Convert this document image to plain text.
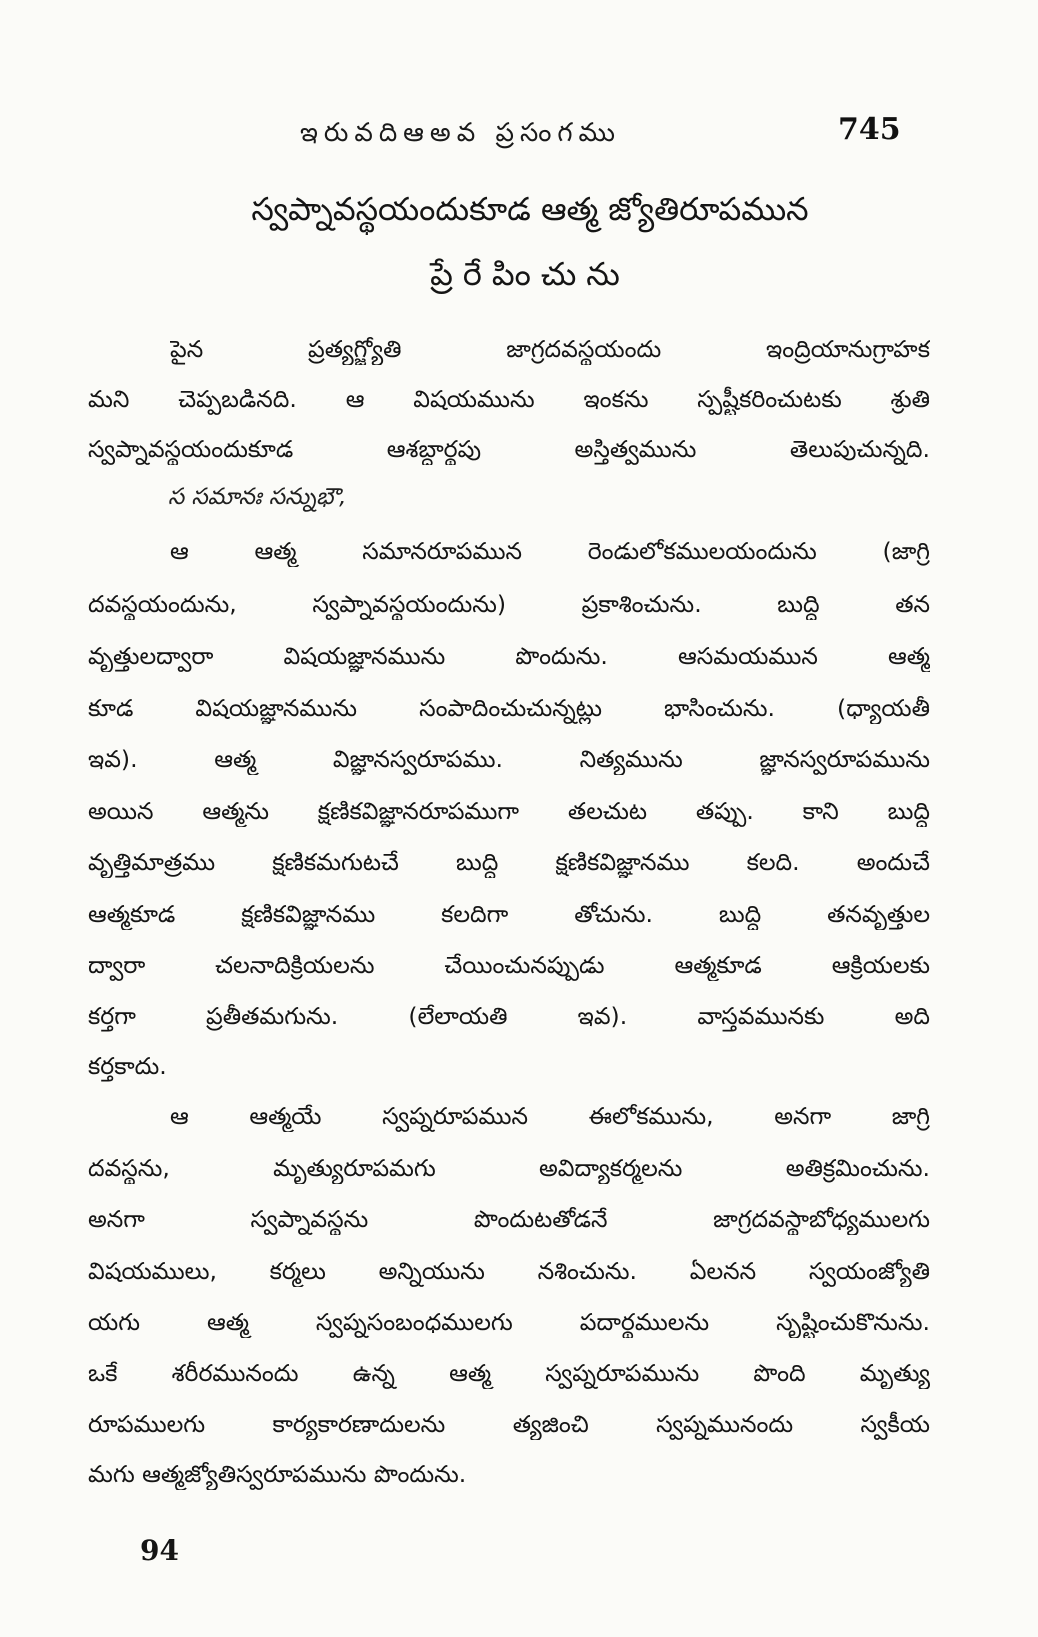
ఇరువదిఆఅవ ప్రసంగము	745
స్వప్నావస్థయందుకూడ ఆత్మ జ్యోతిరూపమున
ప్రేరేపించును
పైన ప్రత్యగ్జ్యోతి జాగ్రదవస్థయందు ఇంద్రియానుగ్రాహక
మని చెప్పబడినది. ఆ విషయమును ఇంకను స్పష్టీకరించుటకు శ్రుతి
స్వప్నావస్థయందుకూడ ఆశబ్దార్థపు అస్తిత్వమును తెలుపుచున్నది.
స సమానః సన్నుభౌ,
ఆ ఆత్మ సమానరూపమున రెండులోకములయందును (జాగ్రి
దవస్థయందును, స్వప్నావస్థయందును) ప్రకాశించును. బుద్ధి తన
వృత్తులద్వారా విషయజ్ఞానమును పొందును. ఆసమయమున ఆత్మ
కూడ విషయజ్ఞానమును సంపాదించుచున్నట్లు భాసించును. (ధ్యాయతీ
ఇవ). ఆత్మ విజ్ఞానస్వరూపము. నిత్యమును జ్ఞానస్వరూపమును
అయిన ఆత్మను క్షణికవిజ్ఞానరూపముగా తలచుట తప్పు. కాని బుద్ధి
వృత్తిమాత్రము క్షణికమగుటచే బుద్ధి క్షణికవిజ్ఞానము కలది. అందుచే
ఆత్మకూడ క్షణికవిజ్ఞానము కలదిగా తోచును. బుద్ధి తనవృత్తుల
ద్వారా చలనాదిక్రియలను చేయించునప్పుడు ఆత్మకూడ ఆక్రియలకు
కర్తగా ప్రతీతమగును. (లేలాయతి ఇవ). వాస్తవమునకు అది
కర్తకాదు.
ఆ ఆత్మయే స్వప్నరూపమున ఈలోకమును, అనగా జాగ్రి
దవస్థను, మృత్యురూపమగు అవిద్యాకర్మలను అతిక్రమించును.
అనగా స్వప్నావస్థను పొందుటతోడనే జాగ్రదవస్థాబోధ్యములగు
విషయములు, కర్మలు అన్నియును నశించును. ఏలనన స్వయంజ్యోతి
యగు ఆత్మ స్వప్నసంబంధములగు పదార్థములను సృష్టించుకొనును.
ఒకే శరీరమునందు ఉన్న ఆత్మ స్వప్నరూపమును పొంది మృత్యు
రూపములగు కార్యకారణాదులను త్యజించి స్వప్నమునందు స్వకీయ
మగు ఆత్మజ్యోతిస్వరూపమును పొందును.
94
